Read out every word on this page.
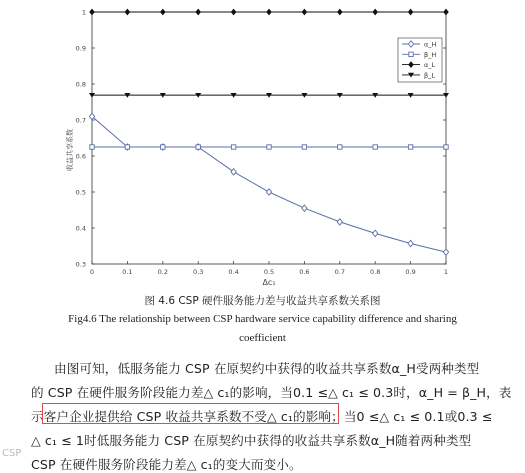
0	0.1	0.2	0.3	0.4	0.5	0.6	0.7	0.8	0.9	1
0.3
0.4
0.5
0.6
0.7
0.8
0.9
1
收益共享系数
Δc₁
α_H
β_H
α_L
β_L
图 4.6 CSP 硬件服务能力差与收益共享系数关系图
Fig4.6 The relationship between CSP hardware service capability difference and sharing
coefficient
由图可知，低服务能力 CSP 在原契约中获得的收益共享系数α_H受两种类型
的 CSP 在硬件服务阶段能力差△ c₁的影响，当0.1 ≤△ c₁ ≤ 0.3时，α_H = β_H，表
示客户企业提供给 CSP 收益共享系数不受△ c₁的影响；当0 ≤△ c₁ ≤ 0.1或0.3 ≤
△ c₁ ≤ 1时低服务能力 CSP 在原契约中获得的收益共享系数α_H随着两种类型
CSP 在硬件服务阶段能力差△ c₁的变大而变小。
CSP
